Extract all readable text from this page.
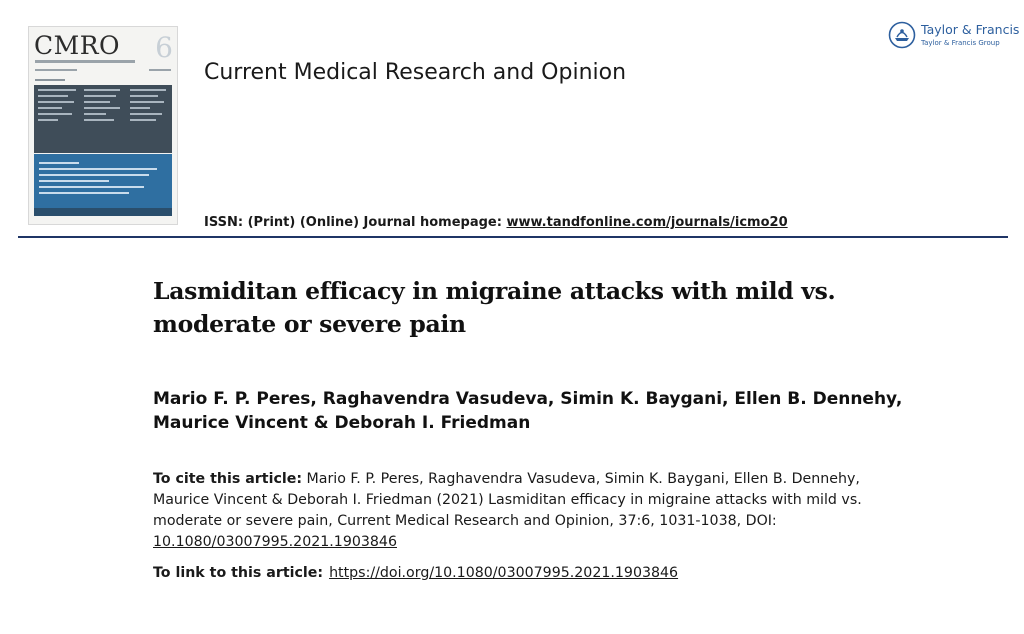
CMRO 6
Taylor & Francis
Taylor & Francis Group
Current Medical Research and Opinion
ISSN: (Print) (Online) Journal homepage: www.tandfonline.com/journals/icmo20
Lasmiditan efficacy in migraine attacks with mild vs. moderate or severe pain
Mario F. P. Peres, Raghavendra Vasudeva, Simin K. Baygani, Ellen B. Dennehy, Maurice Vincent & Deborah I. Friedman
To cite this article: Mario F. P. Peres, Raghavendra Vasudeva, Simin K. Baygani, Ellen B. Dennehy, Maurice Vincent & Deborah I. Friedman (2021) Lasmiditan efficacy in migraine attacks with mild vs. moderate or severe pain, Current Medical Research and Opinion, 37:6, 1031-1038, DOI: 10.1080/03007995.2021.1903846
To link to this article: https://doi.org/10.1080/03007995.2021.1903846
